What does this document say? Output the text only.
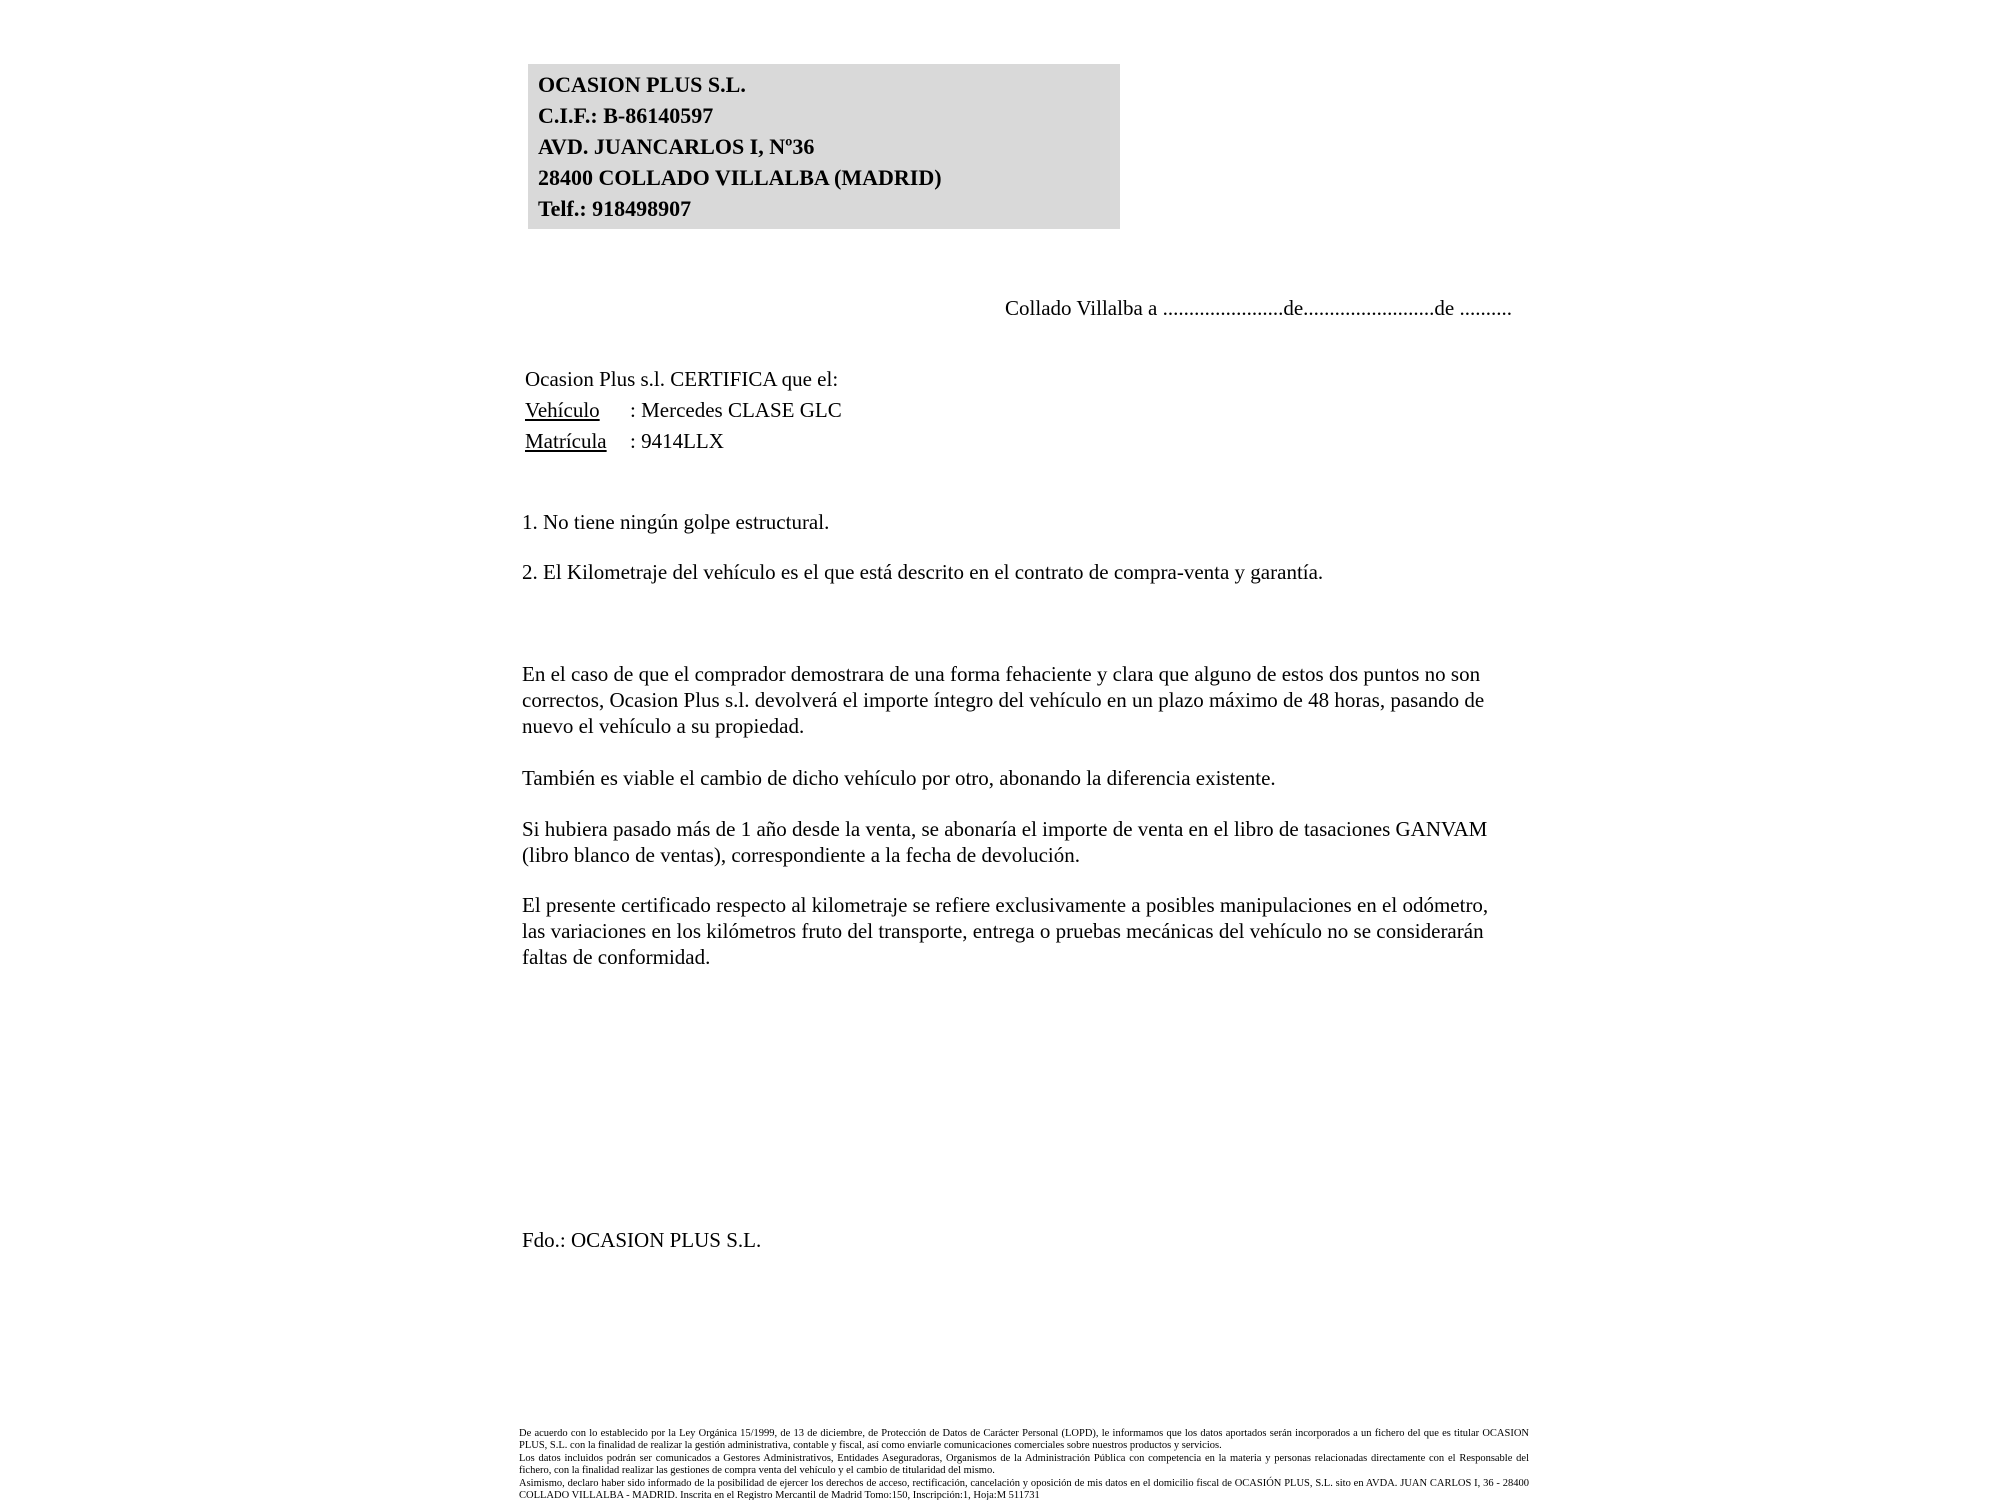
OCASION PLUS S.L.
C.I.F.: B-86140597
AVD. JUANCARLOS I, Nº36
28400 COLLADO VILLALBA (MADRID)
Telf.: 918498907

Collado Villalba a .......................de.........................de ..........

Ocasion Plus s.l. CERTIFICA que el:
Vehículo : Mercedes CLASE GLC
Matrícula : 9414LLX

1. No tiene ningún golpe estructural.

2. El Kilometraje del vehículo es el que está descrito en el contrato de compra-venta y garantía.

En el caso de que el comprador demostrara de una forma fehaciente y clara que alguno de estos dos puntos no son correctos, Ocasion Plus s.l. devolverá el importe íntegro del vehículo en un plazo máximo de 48 horas, pasando de nuevo el vehículo a su propiedad.

También es viable el cambio de dicho vehículo por otro, abonando la diferencia existente.

Si hubiera pasado más de 1 año desde la venta, se abonaría el importe de venta en el libro de tasaciones GANVAM (libro blanco de ventas), correspondiente a la fecha de devolución.

El presente certificado respecto al kilometraje se refiere exclusivamente a posibles manipulaciones en el odómetro, las variaciones en los kilómetros fruto del transporte, entrega o pruebas mecánicas del vehículo no se considerarán faltas de conformidad.

Fdo.: OCASION PLUS S.L.

De acuerdo con lo establecido por la Ley Orgánica 15/1999, de 13 de diciembre, de Protección de Datos de Carácter Personal (LOPD), le informamos que los datos aportados serán incorporados a un fichero del que es titular OCASION PLUS, S.L. con la finalidad de realizar la gestión administrativa, contable y fiscal, así como enviarle comunicaciones comerciales sobre nuestros productos y servicios.

Los datos incluidos podrán ser comunicados a Gestores Administrativos, Entidades Aseguradoras, Organismos de la Administración Pública con competencia en la materia y personas relacionadas directamente con el Responsable del fichero, con la finalidad realizar las gestiones de compra venta del vehículo y el cambio de titularidad del mismo.

Asimismo, declaro haber sido informado de la posibilidad de ejercer los derechos de acceso, rectificación, cancelación y oposición de mis datos en el domicilio fiscal de OCASIÓN PLUS, S.L. sito en AVDA. JUAN CARLOS I, 36 - 28400 COLLADO VILLALBA - MADRID. Inscrita en el Registro Mercantil de Madrid Tomo:150, Inscripción:1, Hoja:M 511731
